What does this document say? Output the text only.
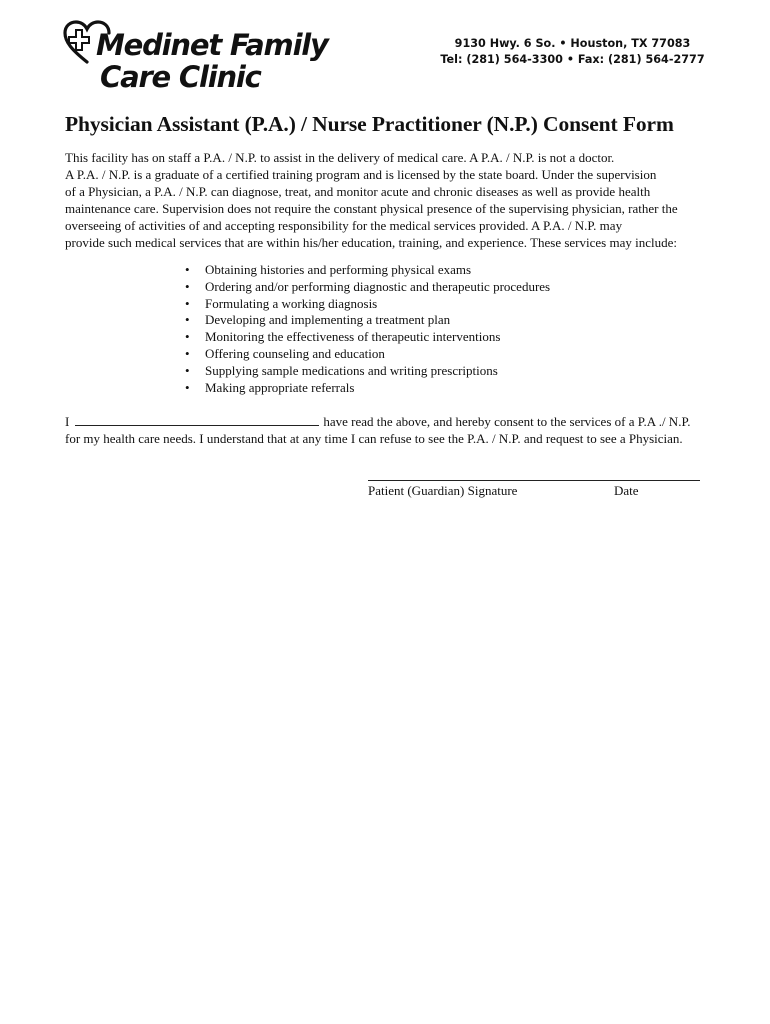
Medinet Family
Care Clinic
9130 Hwy. 6 So. • Houston, TX 77083
Tel: (281) 564-3300 • Fax: (281) 564-2777
Physician Assistant (P.A.) / Nurse Practitioner (N.P.) Consent Form
This facility has on staff a P.A. / N.P. to assist in the delivery of medical care. A P.A. / N.P. is not a doctor.
A P.A. / N.P. is a graduate of a certified training program and is licensed by the state board. Under the supervision
of a Physician, a P.A. / N.P. can diagnose, treat, and monitor acute and chronic diseases as well as provide health
maintenance care. Supervision does not require the constant physical presence of the supervising physician, rather the
overseeing of activities of and accepting responsibility for the medical services provided. A P.A. / N.P. may
provide such medical services that are within his/her education, training, and experience. These services may include:
• Obtaining histories and performing physical exams
• Ordering and/or performing diagnostic and therapeutic procedures
• Formulating a working diagnosis
• Developing and implementing a treatment plan
• Monitoring the effectiveness of therapeutic interventions
• Offering counseling and education
• Supplying sample medications and writing prescriptions
• Making appropriate referrals
I	have read the above, and hereby consent to the services of a P.A ./ N.P.
for my health care needs. I understand that at any time I can refuse to see the P.A. / N.P. and request to see a Physician.
Patient (Guardian) Signature	Date
